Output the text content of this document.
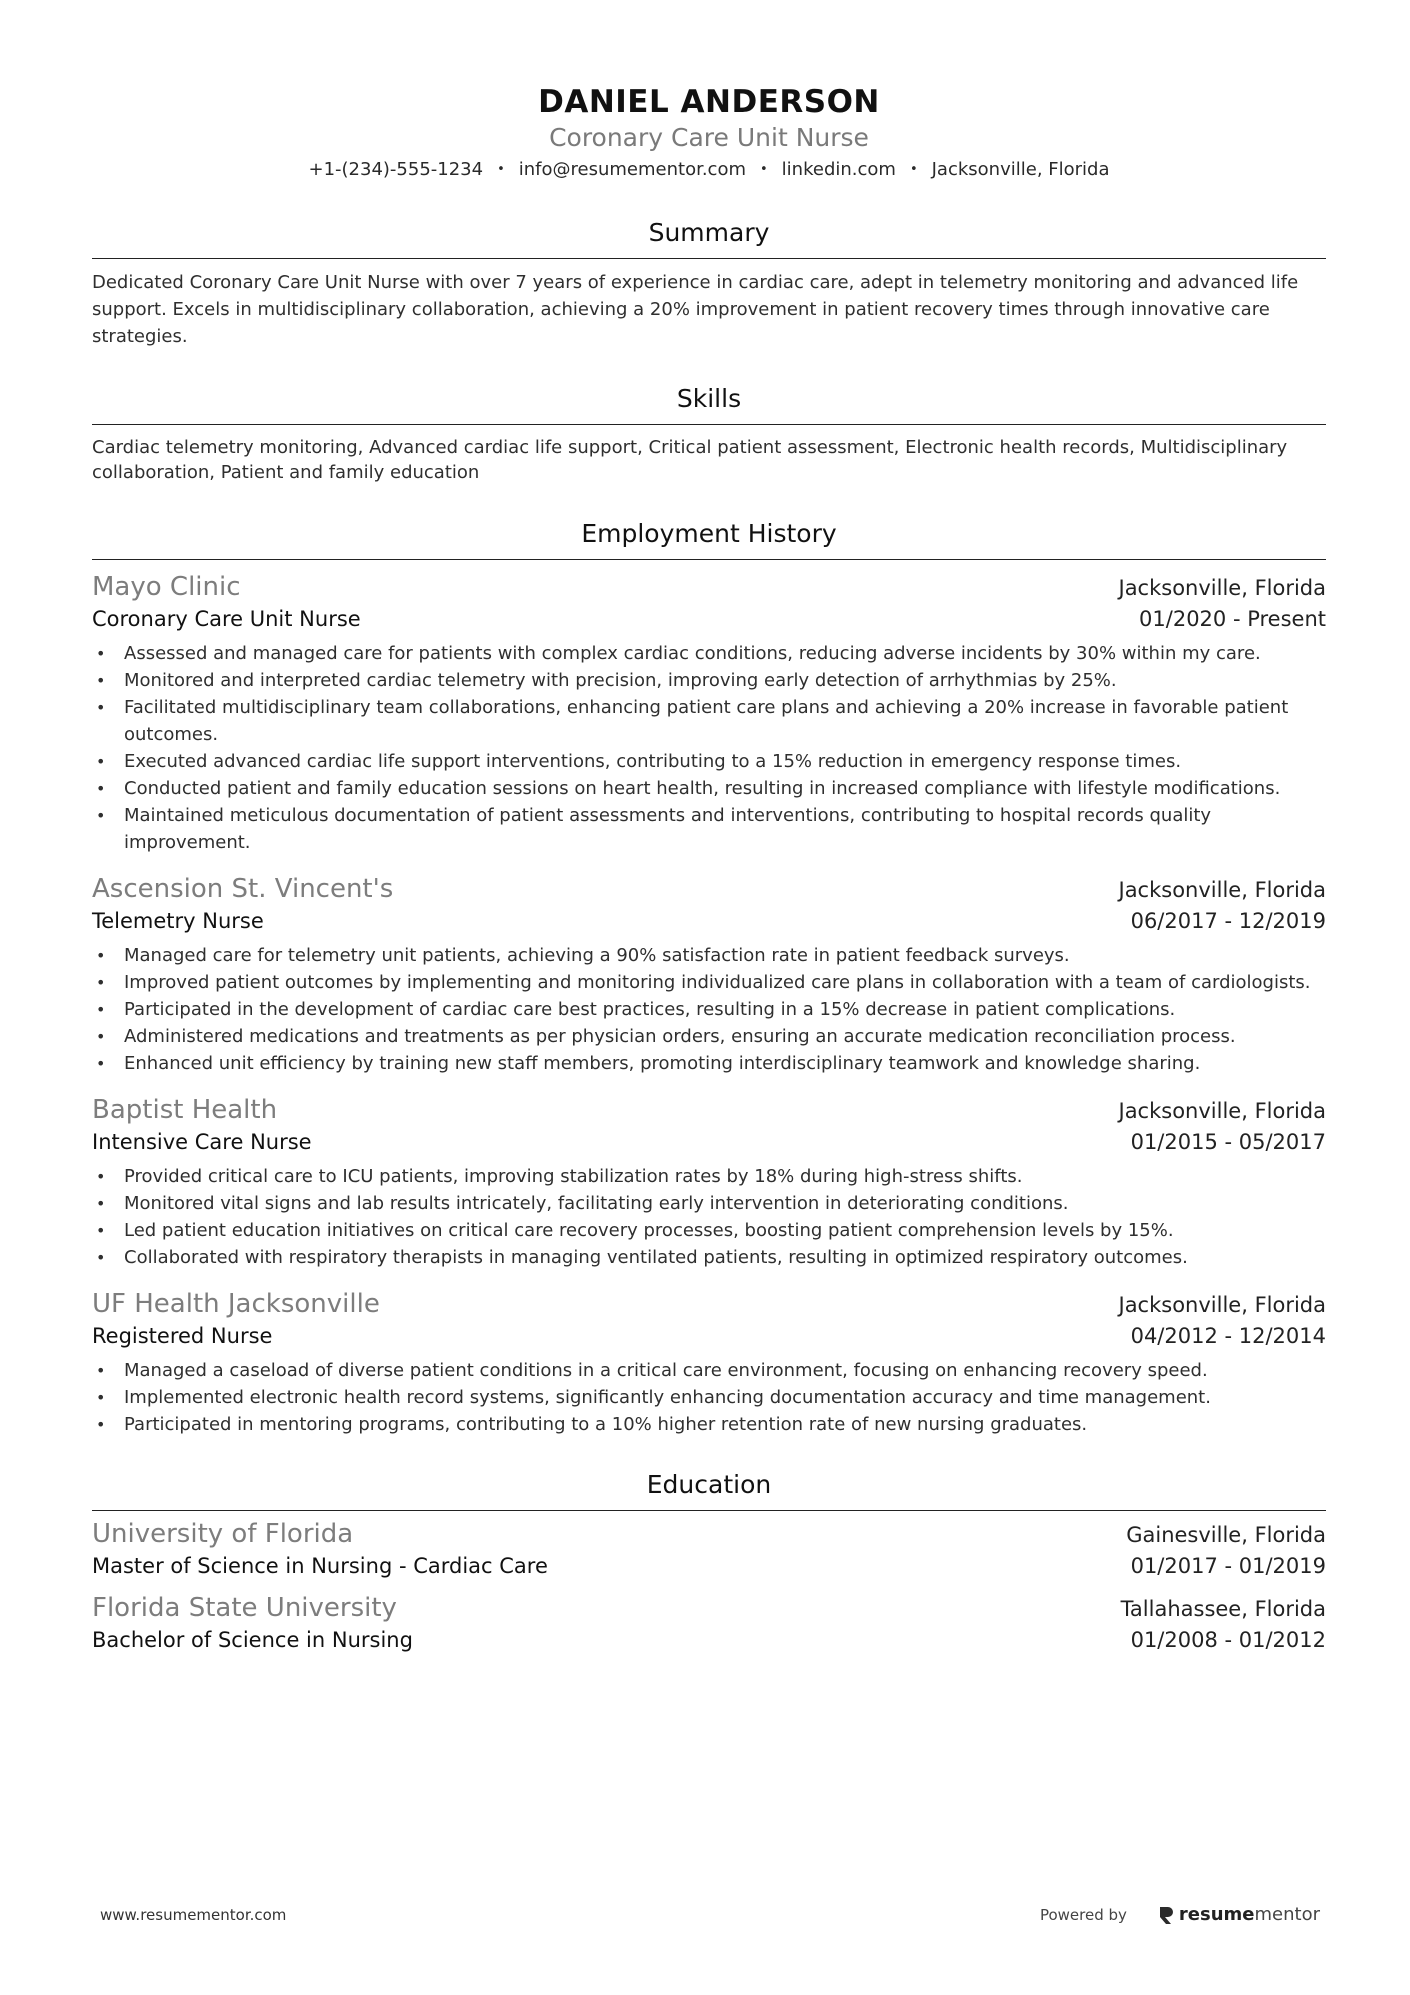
DANIEL ANDERSON
Coronary Care Unit Nurse
+1-(234)-555-1234 • info@resumementor.com • linkedin.com • Jacksonville, Florida
Summary

Dedicated Coronary Care Unit Nurse with over 7 years of experience in cardiac care, adept in telemetry monitoring and advanced life support. Excels in multidisciplinary collaboration, achieving a 20% improvement in patient recovery times through innovative care strategies.

Skills

Cardiac telemetry monitoring, Advanced cardiac life support, Critical patient assessment, Electronic health records, Multidisciplinary collaboration, Patient and family education

Employment History
Mayo Clinic	Jacksonville, Florida
Coronary Care Unit Nurse	01/2020 - Present
• Assessed and managed care for patients with complex cardiac conditions, reducing adverse incidents by 30% within my care.
• Monitored and interpreted cardiac telemetry with precision, improving early detection of arrhythmias by 25%.
• Facilitated multidisciplinary team collaborations, enhancing patient care plans and achieving a 20% increase in favorable patient outcomes.
• Executed advanced cardiac life support interventions, contributing to a 15% reduction in emergency response times.
• Conducted patient and family education sessions on heart health, resulting in increased compliance with lifestyle modifications.
• Maintained meticulous documentation of patient assessments and interventions, contributing to hospital records quality improvement.
Ascension St. Vincent's	Jacksonville, Florida
Telemetry Nurse	06/2017 - 12/2019
• Managed care for telemetry unit patients, achieving a 90% satisfaction rate in patient feedback surveys.
• Improved patient outcomes by implementing and monitoring individualized care plans in collaboration with a team of cardiologists.
• Participated in the development of cardiac care best practices, resulting in a 15% decrease in patient complications.
• Administered medications and treatments as per physician orders, ensuring an accurate medication reconciliation process.
• Enhanced unit efficiency by training new staff members, promoting interdisciplinary teamwork and knowledge sharing.
Baptist Health	Jacksonville, Florida
Intensive Care Nurse	01/2015 - 05/2017
• Provided critical care to ICU patients, improving stabilization rates by 18% during high-stress shifts.
• Monitored vital signs and lab results intricately, facilitating early intervention in deteriorating conditions.
• Led patient education initiatives on critical care recovery processes, boosting patient comprehension levels by 15%.
• Collaborated with respiratory therapists in managing ventilated patients, resulting in optimized respiratory outcomes.
UF Health Jacksonville	Jacksonville, Florida
Registered Nurse	04/2012 - 12/2014
• Managed a caseload of diverse patient conditions in a critical care environment, focusing on enhancing recovery speed.
• Implemented electronic health record systems, significantly enhancing documentation accuracy and time management.
• Participated in mentoring programs, contributing to a 10% higher retention rate of new nursing graduates.
Education
University of Florida	Gainesville, Florida
Master of Science in Nursing - Cardiac Care	01/2017 - 01/2019
Florida State University	Tallahassee, Florida
Bachelor of Science in Nursing	01/2008 - 01/2012
www.resumementor.com	Powered by	resume mentor
